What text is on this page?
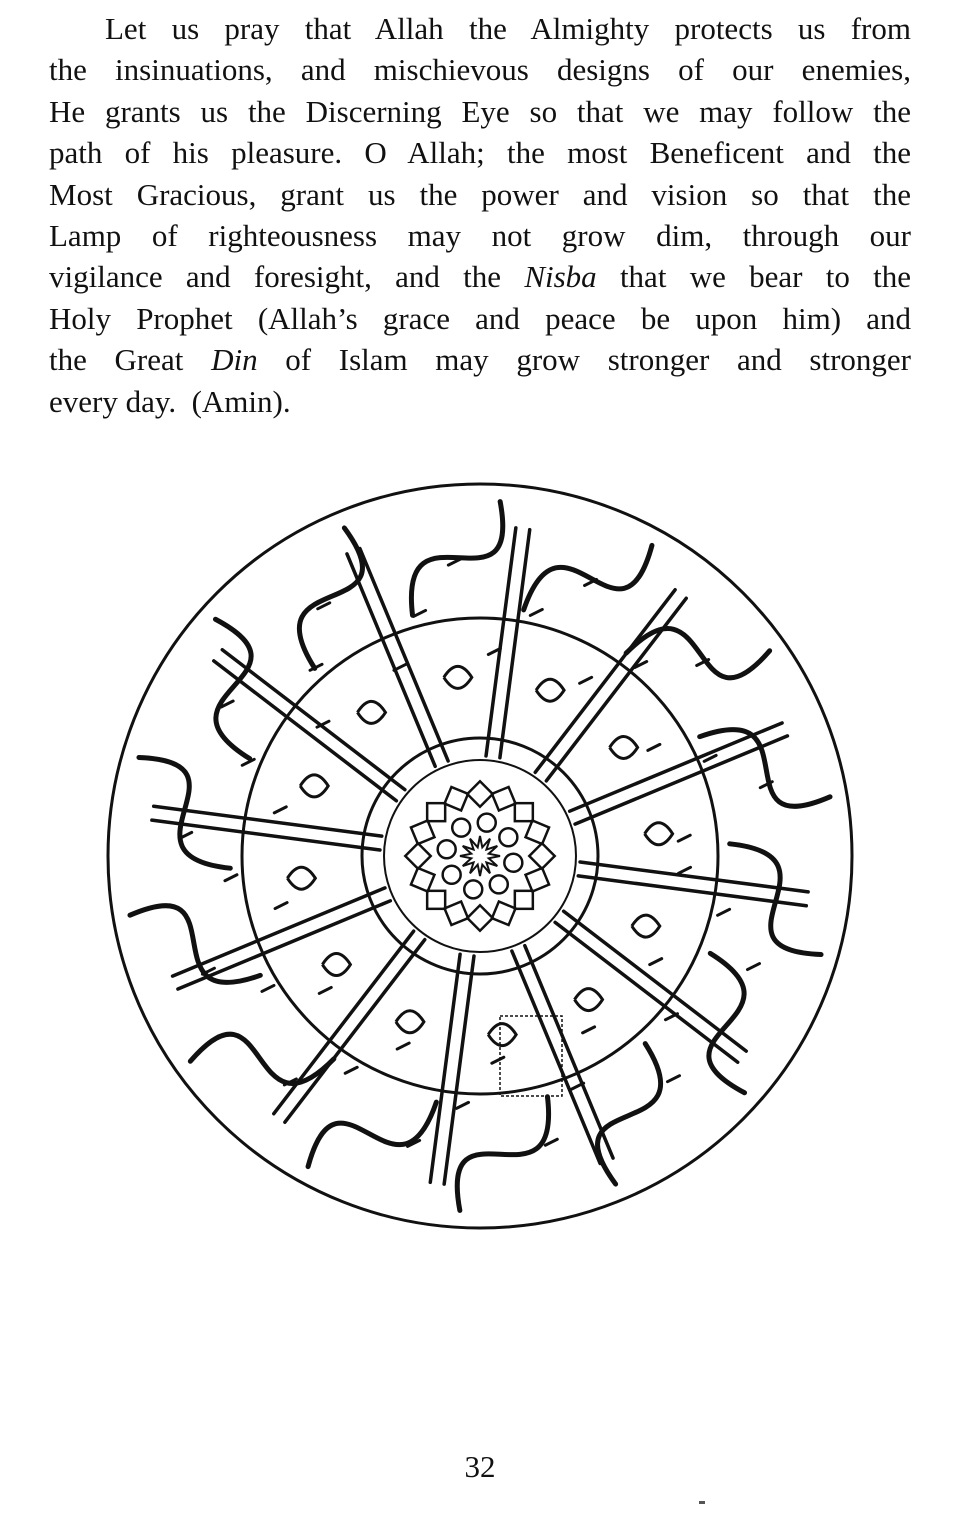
Let us pray that Allah the Almighty protects us from
the insinuations, and mischievous designs of our enemies,
He grants us the Discerning Eye so that we may follow the
path of his pleasure. O Allah; the most Beneficent and the
Most Gracious, grant us the power and vision so that the
Lamp of righteousness may not grow dim, through our
vigilance and foresight, and the Nisba that we bear to the
Holy Prophet (Allah’s grace and peace be upon him) and
the Great Din of Islam may grow stronger and stronger
every day.  (Amin).
32
